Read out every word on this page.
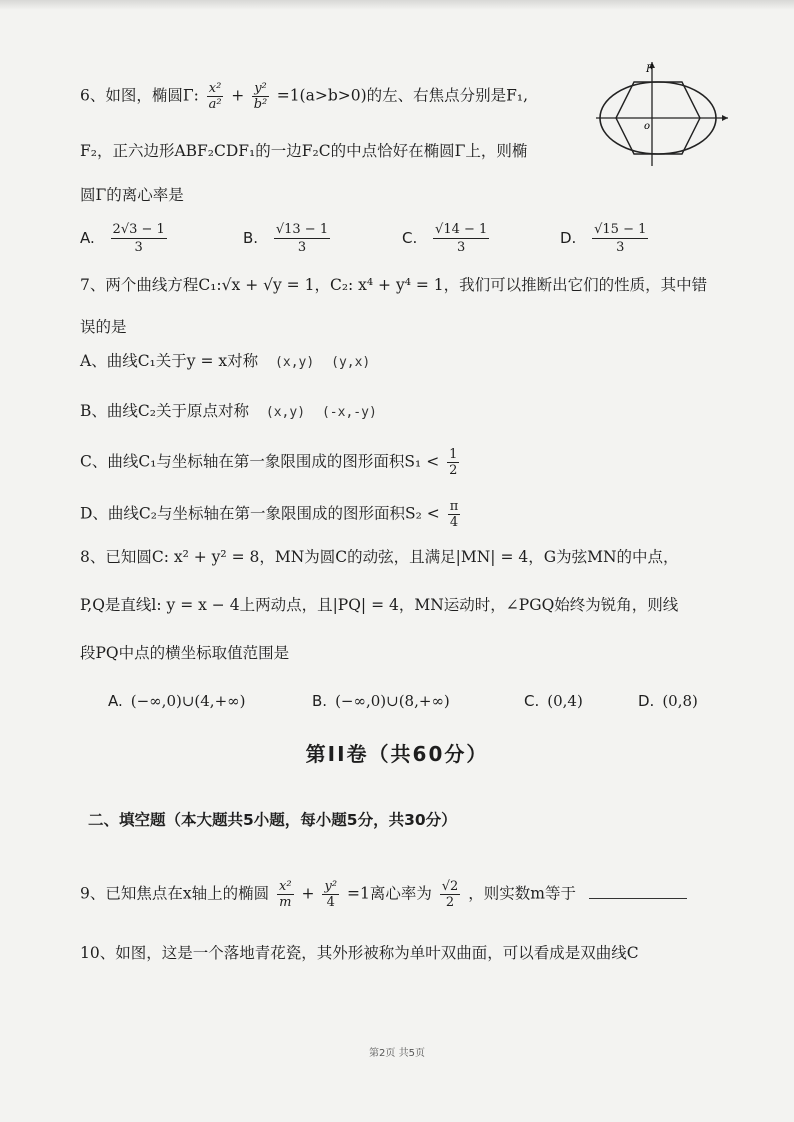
6、如图，椭圆Γ: $\frac{\text{x²}}{\text{a²}} + \frac{\text{y²}}{\text{b²}} =1(a>b>0)$的左、右焦点分别是F₁,
F₂，正六边形ABF₂CDF₁的一边F₂C的中点恰好在椭圆Γ上，则椭
圆Γ的离心率是
A. $\frac{2√3 - 1}{3}$	B. $\frac{√13 - 1}{3}$	C. $\frac{√14 - 1}{3}$	D. $\frac{√15 - 1}{3}$
F
o
7、两个曲线方程C₁:√x + √y = 1，C₂: x⁴ + y⁴ = 1，我们可以推断出它们的性质，其中错
误的是
A、曲线C₁关于y = x对称 (x,y) (y,x)
B、曲线C₂关于原点对称 (x,y) (-x,-y)
C、曲线C₁与坐标轴在第一象限围成的图形面积$S_1 < \frac{1}{2}$
D、曲线C₂与坐标轴在第一象限围成的图形面积$S_2 < \frac{\pi}{4}$
8、已知圆C: x² + y² = 8，MN为圆C的动弦，且满足|MN| = 4，G为弦MN的中点，
P,Q是直线l: y = x − 4上两动点，且|PQ| = 4，MN运动时，∠PGQ始终为锐角，则线
段PQ中点的横坐标取值范围是
A. (−∞,0)∪(4,+∞)	B. (−∞,0)∪(8,+∞)	C. (0,4)	D. (0,8)
第II卷（共60分）
二、填空题（本大题共5小题，每小题5分，共30分）
9、已知焦点在x轴上的椭圆 $\frac{\text{x²}}{m} + \frac{\text{y²}}{4} =1$离心率为 $\frac{√2}{2}$ ，则实数m等于
10、如图，这是一个落地青花瓷，其外形被称为单叶双曲面，可以看成是双曲线C
第2页 共5页
